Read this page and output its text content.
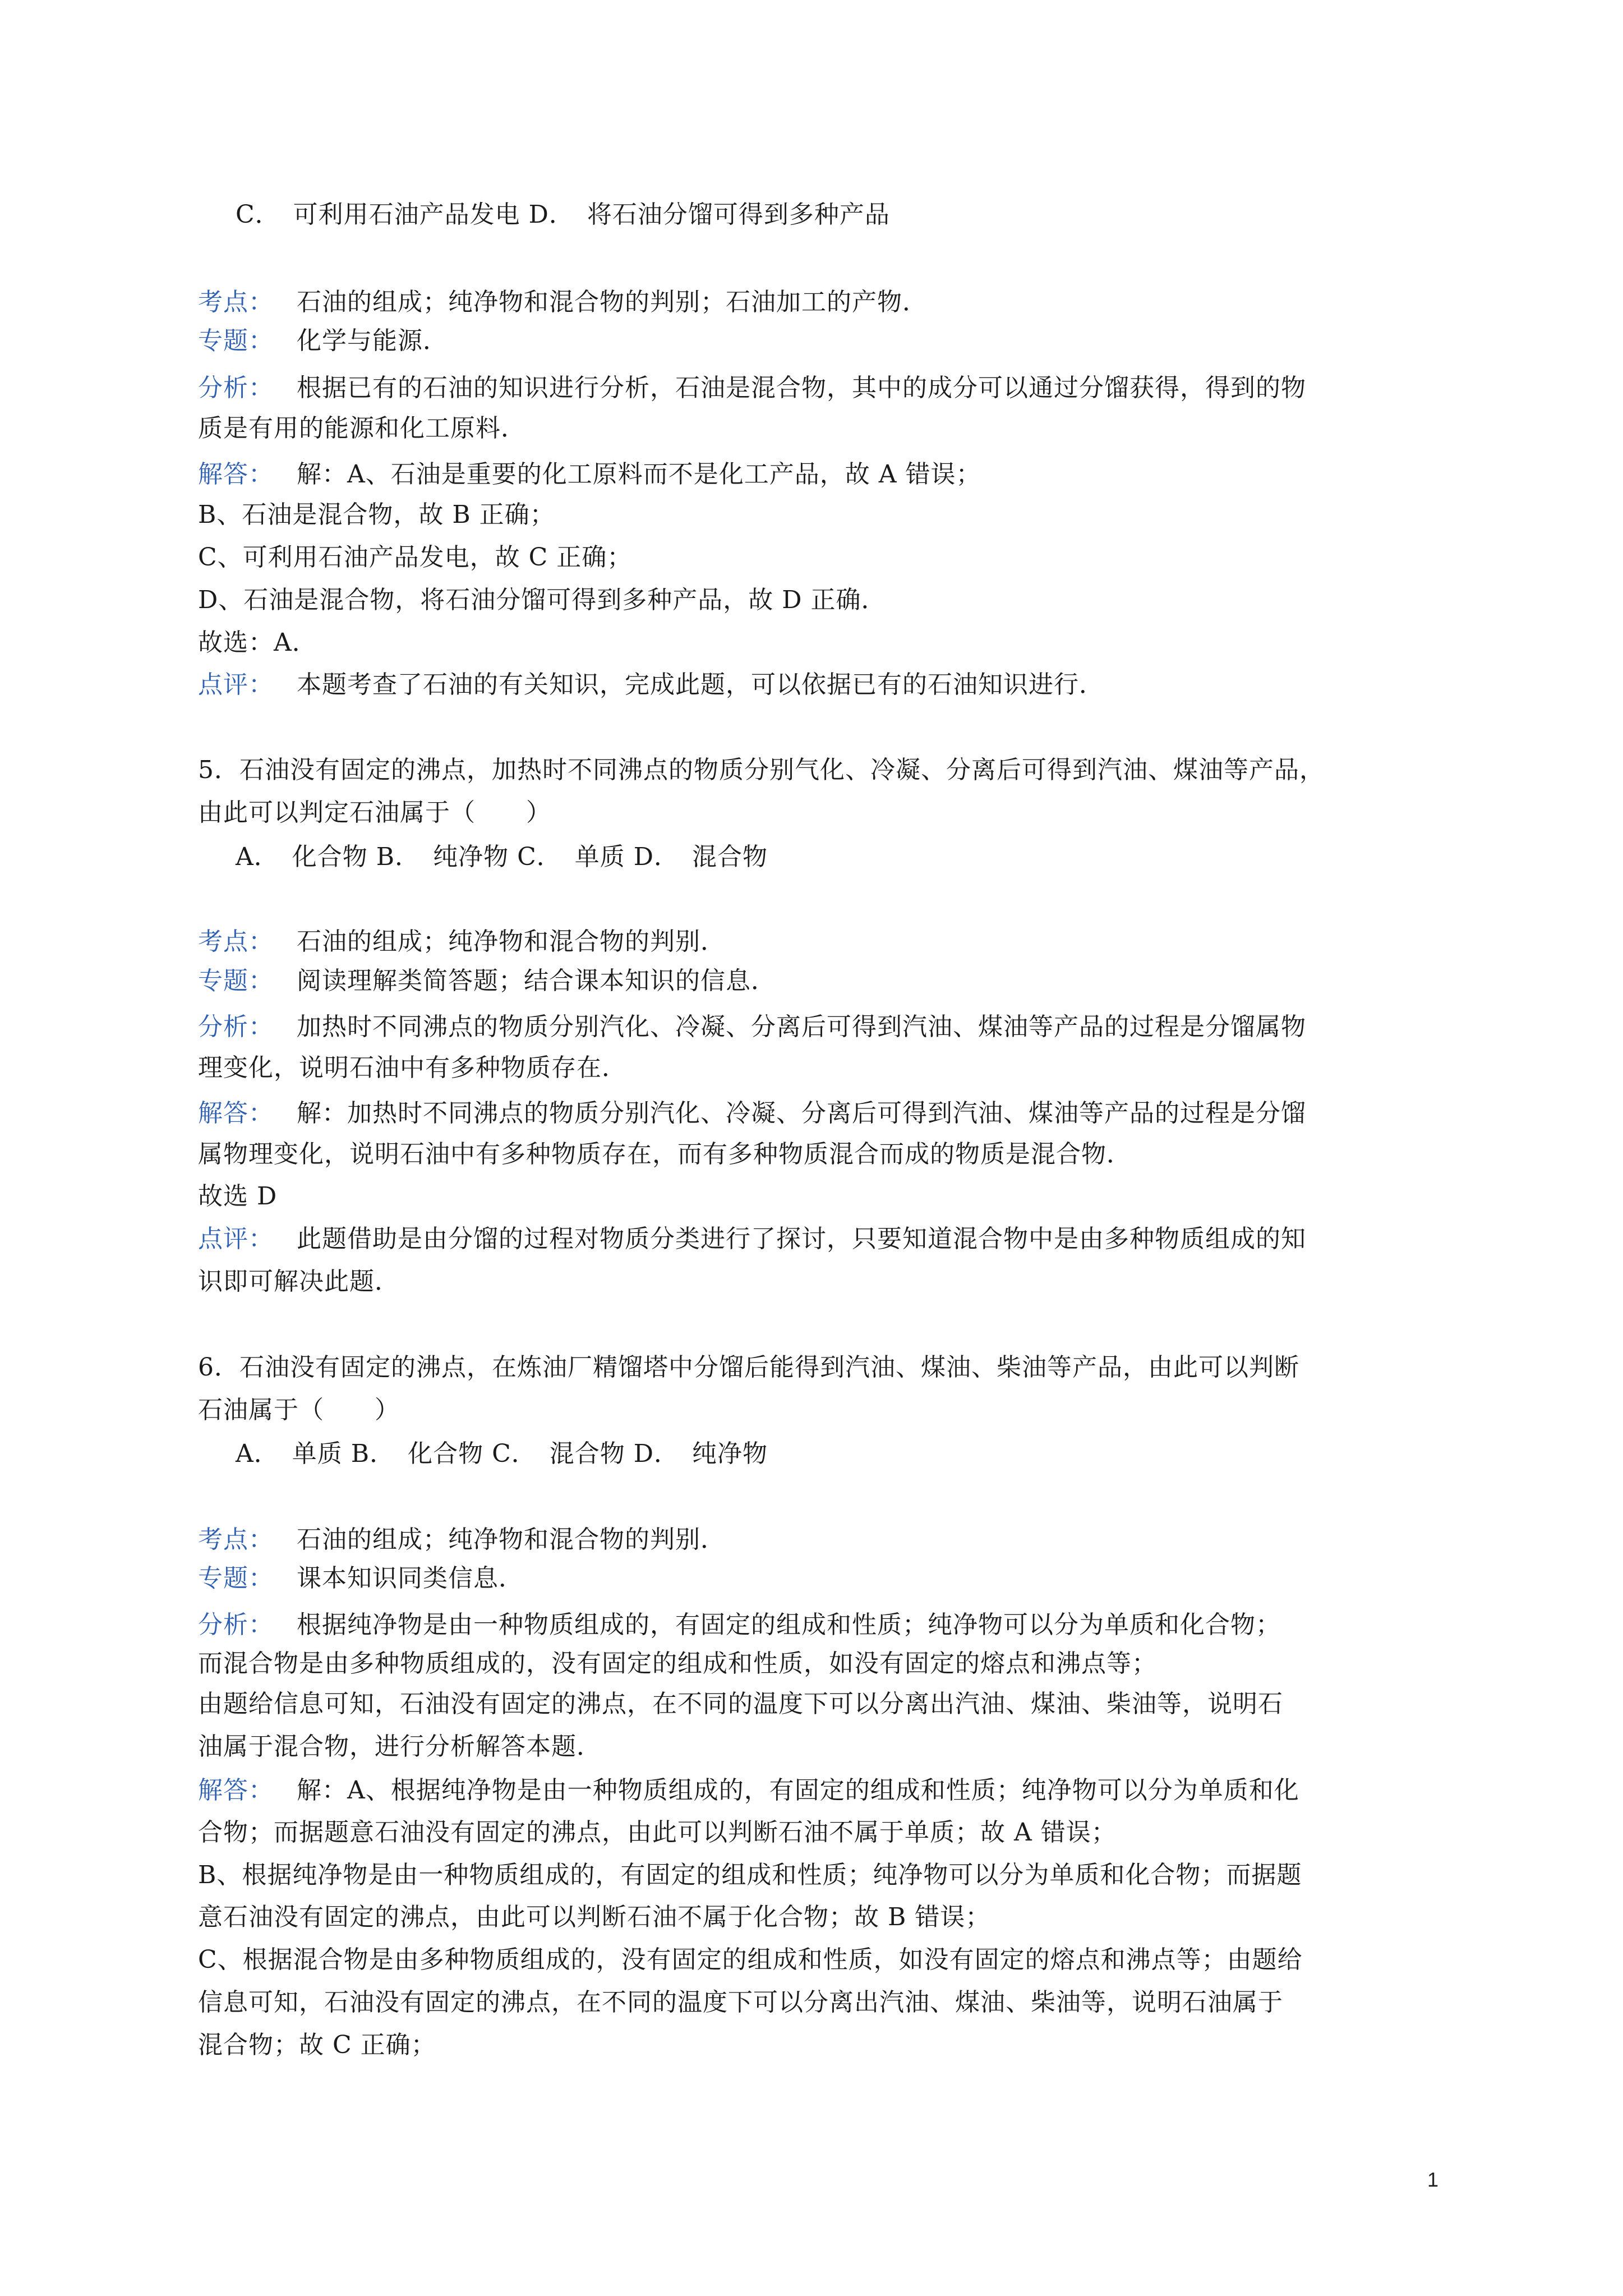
C．　可利用石油产品发电 D．　将石油分馏可得到多种产品
考点： 石油的组成；纯净物和混合物的判别；石油加工的产物．
专题： 化学与能源．
分析： 根据已有的石油的知识进行分析，石油是混合物，其中的成分可以通过分馏获得，得到的物
质是有用的能源和化工原料．
解答： 解：A、石油是重要的化工原料而不是化工产品，故 A 错误；
B、石油是混合物，故 B 正确；
C、可利用石油产品发电，故 C 正确；
D、石油是混合物，将石油分馏可得到多种产品，故 D 正确．
故选：A．
点评： 本题考查了石油的有关知识，完成此题，可以依据已有的石油知识进行．
5．石油没有固定的沸点，加热时不同沸点的物质分别气化、冷凝、分离后可得到汽油、煤油等产品，
由此可以判定石油属于（　　）
A．　化合物 B．　纯净物 C．　单质 D．　混合物
考点： 石油的组成；纯净物和混合物的判别．
专题： 阅读理解类简答题；结合课本知识的信息．
分析： 加热时不同沸点的物质分别汽化、冷凝、分离后可得到汽油、煤油等产品的过程是分馏属物
理变化，说明石油中有多种物质存在．
解答： 解：加热时不同沸点的物质分别汽化、冷凝、分离后可得到汽油、煤油等产品的过程是分馏
属物理变化，说明石油中有多种物质存在，而有多种物质混合而成的物质是混合物．
故选 D
点评： 此题借助是由分馏的过程对物质分类进行了探讨，只要知道混合物中是由多种物质组成的知
识即可解决此题．
6．石油没有固定的沸点，在炼油厂精馏塔中分馏后能得到汽油、煤油、柴油等产品，由此可以判断
石油属于（　　）
A．　单质 B．　化合物 C．　混合物 D．　纯净物
考点： 石油的组成；纯净物和混合物的判别．
专题： 课本知识同类信息．
分析： 根据纯净物是由一种物质组成的，有固定的组成和性质；纯净物可以分为单质和化合物；
而混合物是由多种物质组成的，没有固定的组成和性质，如没有固定的熔点和沸点等；
由题给信息可知，石油没有固定的沸点，在不同的温度下可以分离出汽油、煤油、柴油等，说明石
油属于混合物，进行分析解答本题．
解答： 解：A、根据纯净物是由一种物质组成的，有固定的组成和性质；纯净物可以分为单质和化
合物；而据题意石油没有固定的沸点，由此可以判断石油不属于单质；故 A 错误；
B、根据纯净物是由一种物质组成的，有固定的组成和性质；纯净物可以分为单质和化合物；而据题
意石油没有固定的沸点，由此可以判断石油不属于化合物；故 B 错误；
C、根据混合物是由多种物质组成的，没有固定的组成和性质，如没有固定的熔点和沸点等；由题给
信息可知，石油没有固定的沸点，在不同的温度下可以分离出汽油、煤油、柴油等，说明石油属于
混合物；故 C 正确；
1
